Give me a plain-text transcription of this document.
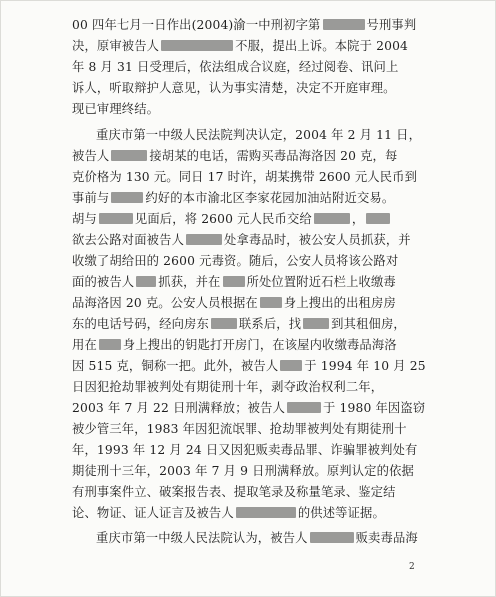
00 四年七月一日作出(2004)渝一中刑初字第	号刑事判
决，原审被告人	不服，提出上诉。本院于 2004
年 8 月 31 日受理后，依法组成合议庭，经过阅卷、讯问上
诉人，听取辩护人意见，认为事实清楚，决定不开庭审理。
现已审理终结。
重庆市第一中级人民法院判决认定，2004 年 2 月 11 日，
被告人	接胡某的电话，需购买毒品海洛因 20 克，每
克价格为 130 元。同日 17 时许，胡某携带 2600 元人民币到
事前与	约好的本市渝北区李家花园加油站附近交易。
胡与	见面后，将 2600 元人民币交给	，
欲去公路对面被告人	处拿毒品时，被公安人员抓获，并
收缴了胡给田的 2600 元毒资。随后，公安人员将该公路对
面的被告人 抓获，并在 所处位置附近石栏上收缴毒
品海洛因 20 克。公安人员根据在 身上搜出的出租房房
东的电话号码，经向房东 联系后，找 到其租佃房，
用在 身上搜出的钥匙打开房门，在该屋内收缴毒品海洛
因 515 克，铜称一把。此外，被告人 于 1994 年 10 月 25
日因犯抢劫罪被判处有期徒刑十年，剥夺政治权利二年，
2003 年 7 月 22 日刑满释放；被告人	于 1980 年因盗窃
被少管三年，1983 年因犯流氓罪、抢劫罪被判处有期徒刑十
年，1993 年 12 月 24 日又因犯贩卖毒品罪、诈骗罪被判处有
期徒刑十三年，2003 年 7 月 9 日刑满释放。原判认定的依据
有刑事案件立、破案报告表、提取笔录及称量笔录、鉴定结
论、物证、证人证言及被告人	的供述等证据。
重庆市第一中级人民法院认为，被告人	贩卖毒品海
2
